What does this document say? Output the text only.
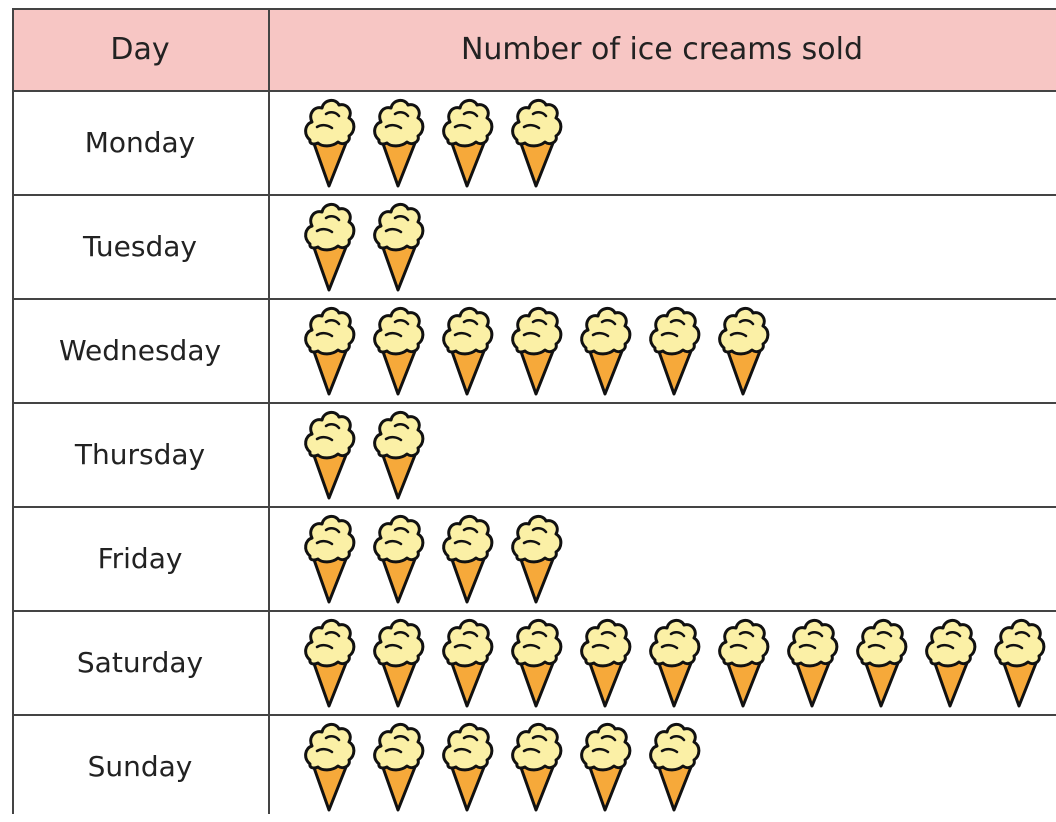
Day	Number of ice creams sold
Monday
Tuesday
Wednesday
Thursday
Friday
Saturday
Sunday
